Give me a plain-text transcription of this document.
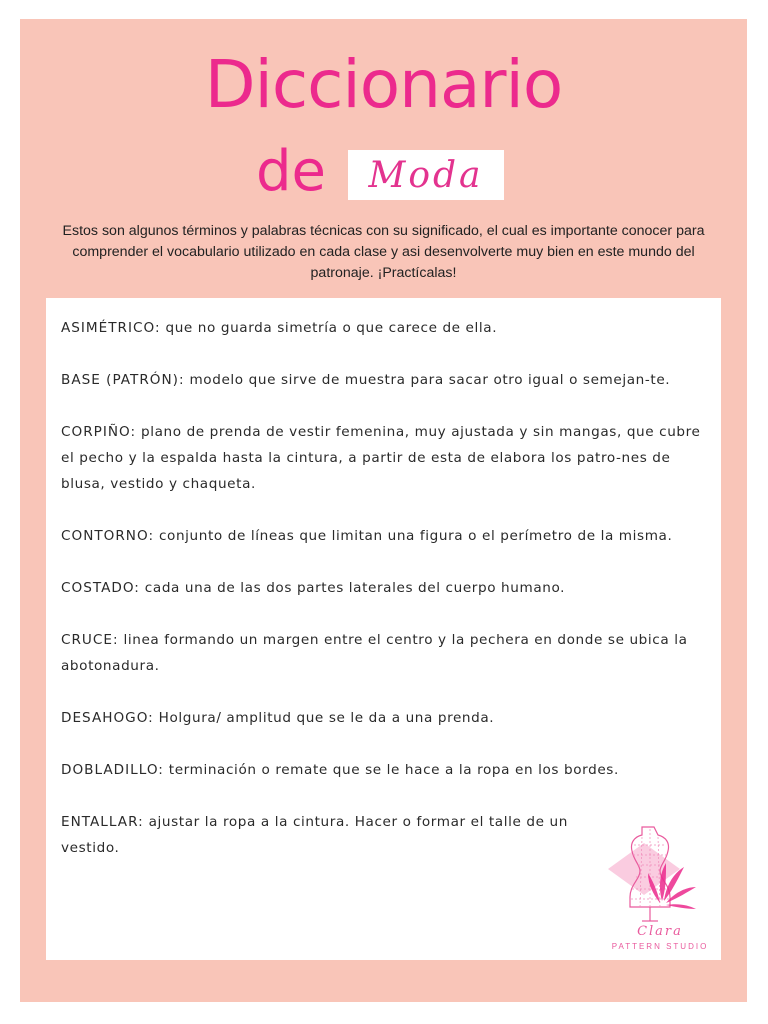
Diccionario
de	Moda

Estos son algunos términos y palabras técnicas con su significado, el cual es importante conocer para comprender el vocabulario utilizado en cada clase y asi desenvolverte muy bien en este mundo del patronaje. ¡Practícalas!

ASIMÉTRICO: que no guarda simetría o que carece de ella.

BASE (PATRÓN): modelo que sirve de muestra para sacar otro igual o semejan-te.

CORPIÑO: plano de prenda de vestir femenina, muy ajustada y sin mangas, que cubre el pecho y la espalda hasta la cintura, a partir de esta de elabora los patro-nes de blusa, vestido y chaqueta.

CONTORNO: conjunto de líneas que limitan una figura o el perímetro de la misma.

COSTADO: cada una de las dos partes laterales del cuerpo humano.

CRUCE: linea formando un margen entre el centro y la pechera en donde se ubica la abotonadura.

DESAHOGO: Holgura/ amplitud que se le da a una prenda.

DOBLADILLO: terminación o remate que se le hace a la ropa en los bordes.

ENTALLAR: ajustar la ropa a la cintura. Hacer o formar el talle de un vestido.

Clara
PATTERN STUDIO
